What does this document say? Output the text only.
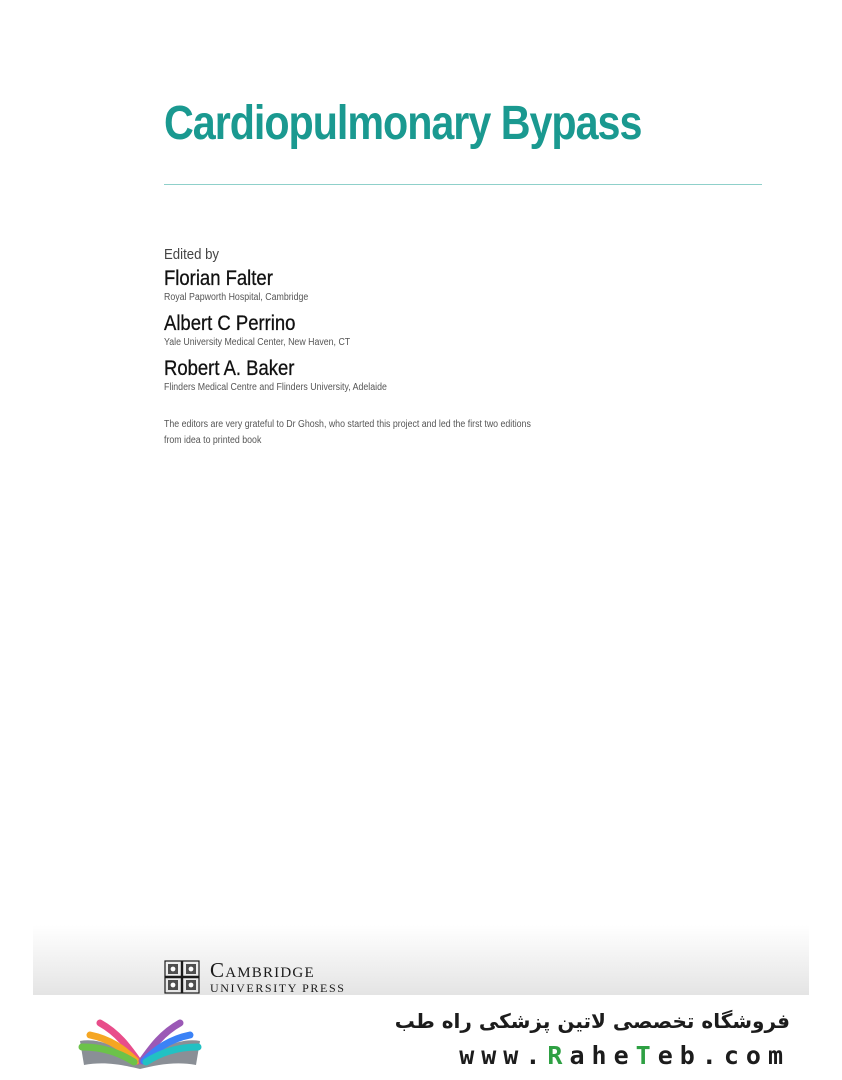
Cardiopulmonary Bypass
Edited by
Florian Falter
Royal Papworth Hospital, Cambridge
Albert C Perrino
Yale University Medical Center, New Haven, CT
Robert A. Baker
Flinders Medical Centre and Flinders University, Adelaide
The editors are very grateful to Dr Ghosh, who started this project and led the first two editions
from idea to printed book
Cambridge
UNIVERSITY PRESS
فروشگاه تخصصی لاتین پزشکی راه طب
www.RaheTeb.com
